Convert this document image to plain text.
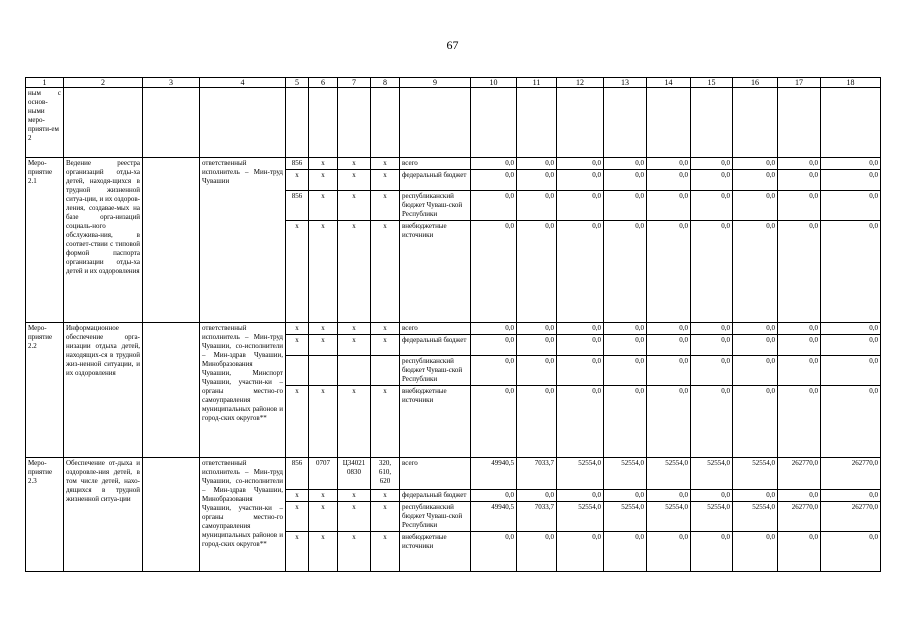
67
1	2	3	4	5	6	7	8	9	10	11	12	13	14	15	16	17	18
ным с основ-ными меро-прияти-ем 2																	
Меро-приятие 2.1	Ведение реестра организаций отды-ха детей, находя-щихся в трудной жизненной ситуа-ции, и их оздоров-ления, создавае-мых на базе орга-низаций социаль-ного обслужива-ния, в соответ-ствии с типовой формой паспорта организации отды-ха детей и их оздоровления		ответственный исполнитель – Мин-труд Чувашии	856	x	x	x	всего	0,0	0,0	0,0	0,0	0,0	0,0	0,0	0,0	0,0
				x	x	x	x	федеральный бюджет	0,0	0,0	0,0	0,0	0,0	0,0	0,0	0,0	0,0
				856	x	x	x	республиканский бюджет Чуваш-ской Республики	0,0	0,0	0,0	0,0	0,0	0,0	0,0	0,0	0,0
				x	x	x	x	внебюджетные источники	0,0	0,0	0,0	0,0	0,0	0,0	0,0	0,0	0,0
Меро-приятие 2.2	Информационное обеспечение орга-низации отдыха детей, находящих-ся в трудной жиз-ненной ситуации, и их оздоровления		ответственный исполнитель – Мин-труд Чувашии, со-исполнители – Мин-здрав Чувашии, Минобразования Чувашии, Минспорт Чувашии, участни-ки – органы местно-го самоуправления муниципальных районов и город-ских округов**	x	x	x	x	всего	0,0	0,0	0,0	0,0	0,0	0,0	0,0	0,0	0,0
				x	x	x	x	федеральный бюджет	0,0	0,0	0,0	0,0	0,0	0,0	0,0	0,0	0,0
								республиканский бюджет Чуваш-ской Республики	0,0	0,0	0,0	0,0	0,0	0,0	0,0	0,0	0,0
				x	x	x	x	внебюджетные источники	0,0	0,0	0,0	0,0	0,0	0,0	0,0	0,0	0,0
Меро-приятие 2.3	Обеспечение от-дыха и оздоровле-ния детей, в том числе детей, нахо-дящихся в трудной жизненной ситуа-ции		ответственный исполнитель – Мин-труд Чувашии, со-исполнители – Мин-здрав Чувашии, Минобразования Чувашии, участни-ки – органы местно-го самоуправления муниципальных районов и город-ских округов**	856	0707	Ц34021 0830	320, 610, 620	всего	49940,5	7033,7	52554,0	52554,0	52554,0	52554,0	52554,0	262770,0	262770,0
				x	x	x	x	федеральный бюджет	0,0	0,0	0,0	0,0	0,0	0,0	0,0	0,0	0,0
				x	x	x	x	республиканский бюджет Чуваш-ской Республики	49940,5	7033,7	52554,0	52554,0	52554,0	52554,0	52554,0	262770,0	262770,0
				x	x	x	x	внебюджетные источники	0,0	0,0	0,0	0,0	0,0	0,0	0,0	0,0	0,0
